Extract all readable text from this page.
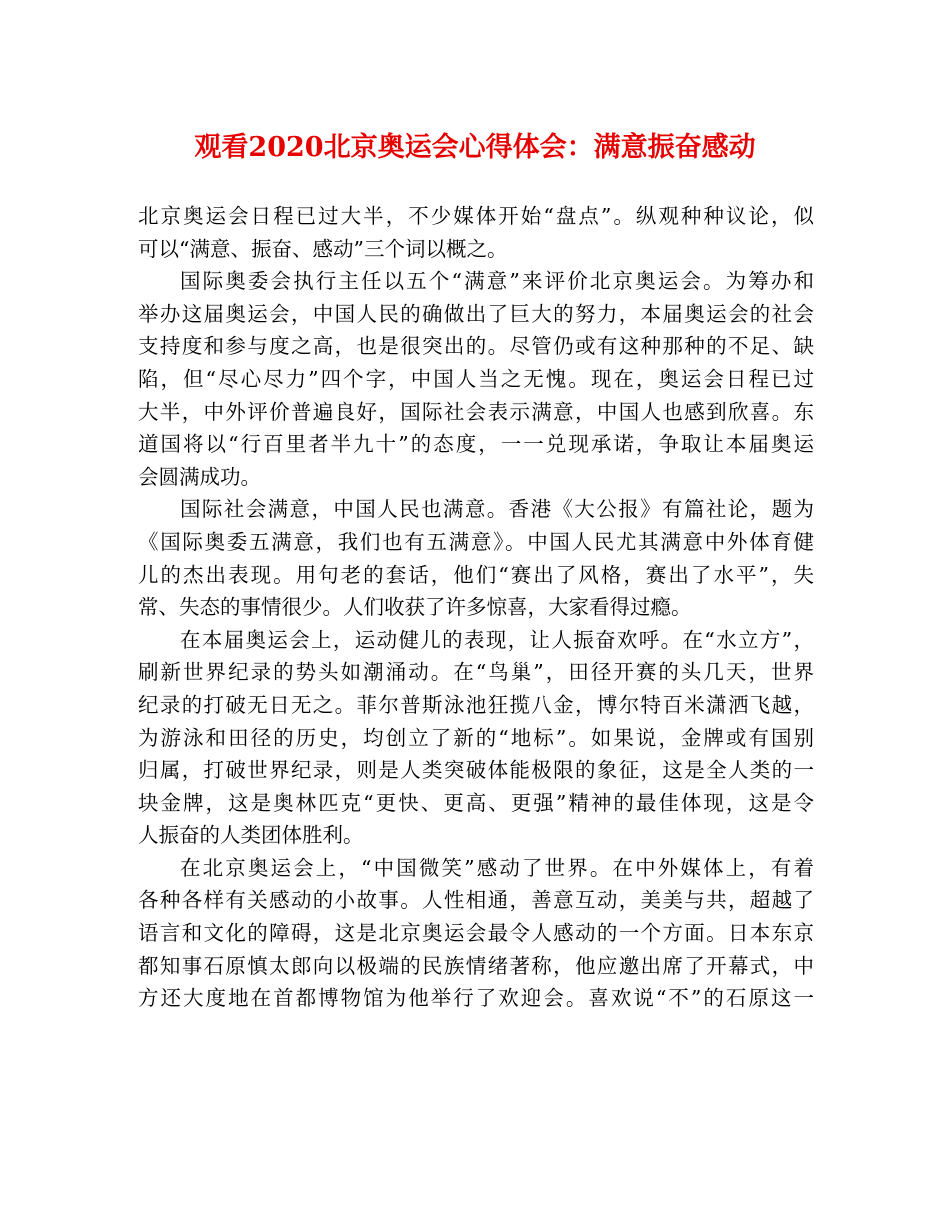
观看2020北京奥运会心得体会：满意振奋感动
北京奥运会日程已过大半，不少媒体开始“盘点”。纵观种种议论，似
可以“满意、振奋、感动”三个词以概之。
国际奥委会执行主任以五个“满意”来评价北京奥运会。为筹办和
举办这届奥运会，中国人民的确做出了巨大的努力，本届奥运会的社会
支持度和参与度之高，也是很突出的。尽管仍或有这种那种的不足、缺
陷，但“尽心尽力”四个字，中国人当之无愧。现在，奥运会日程已过
大半，中外评价普遍良好，国际社会表示满意，中国人也感到欣喜。东
道国将以“行百里者半九十”的态度，一一兑现承诺，争取让本届奥运
会圆满成功。
国际社会满意，中国人民也满意。香港《大公报》有篇社论，题为
《国际奥委五满意，我们也有五满意》。中国人民尤其满意中外体育健
儿的杰出表现。用句老的套话，他们“赛出了风格，赛出了水平”，失
常、失态的事情很少。人们收获了许多惊喜，大家看得过瘾。
在本届奥运会上，运动健儿的表现，让人振奋欢呼。在“水立方”，
刷新世界纪录的势头如潮涌动。在“鸟巢”，田径开赛的头几天，世界
纪录的打破无日无之。菲尔普斯泳池狂揽八金，博尔特百米潇洒飞越，
为游泳和田径的历史，均创立了新的“地标”。如果说，金牌或有国别
归属，打破世界纪录，则是人类突破体能极限的象征，这是全人类的一
块金牌，这是奥林匹克“更快、更高、更强”精神的最佳体现，这是令
人振奋的人类团体胜利。
在北京奥运会上，“中国微笑”感动了世界。在中外媒体上，有着
各种各样有关感动的小故事。人性相通，善意互动，美美与共，超越了
语言和文化的障碍，这是北京奥运会最令人感动的一个方面。日本东京
都知事石原慎太郎向以极端的民族情绪著称，他应邀出席了开幕式，中
方还大度地在首都博物馆为他举行了欢迎会。喜欢说“不”的石原这一
